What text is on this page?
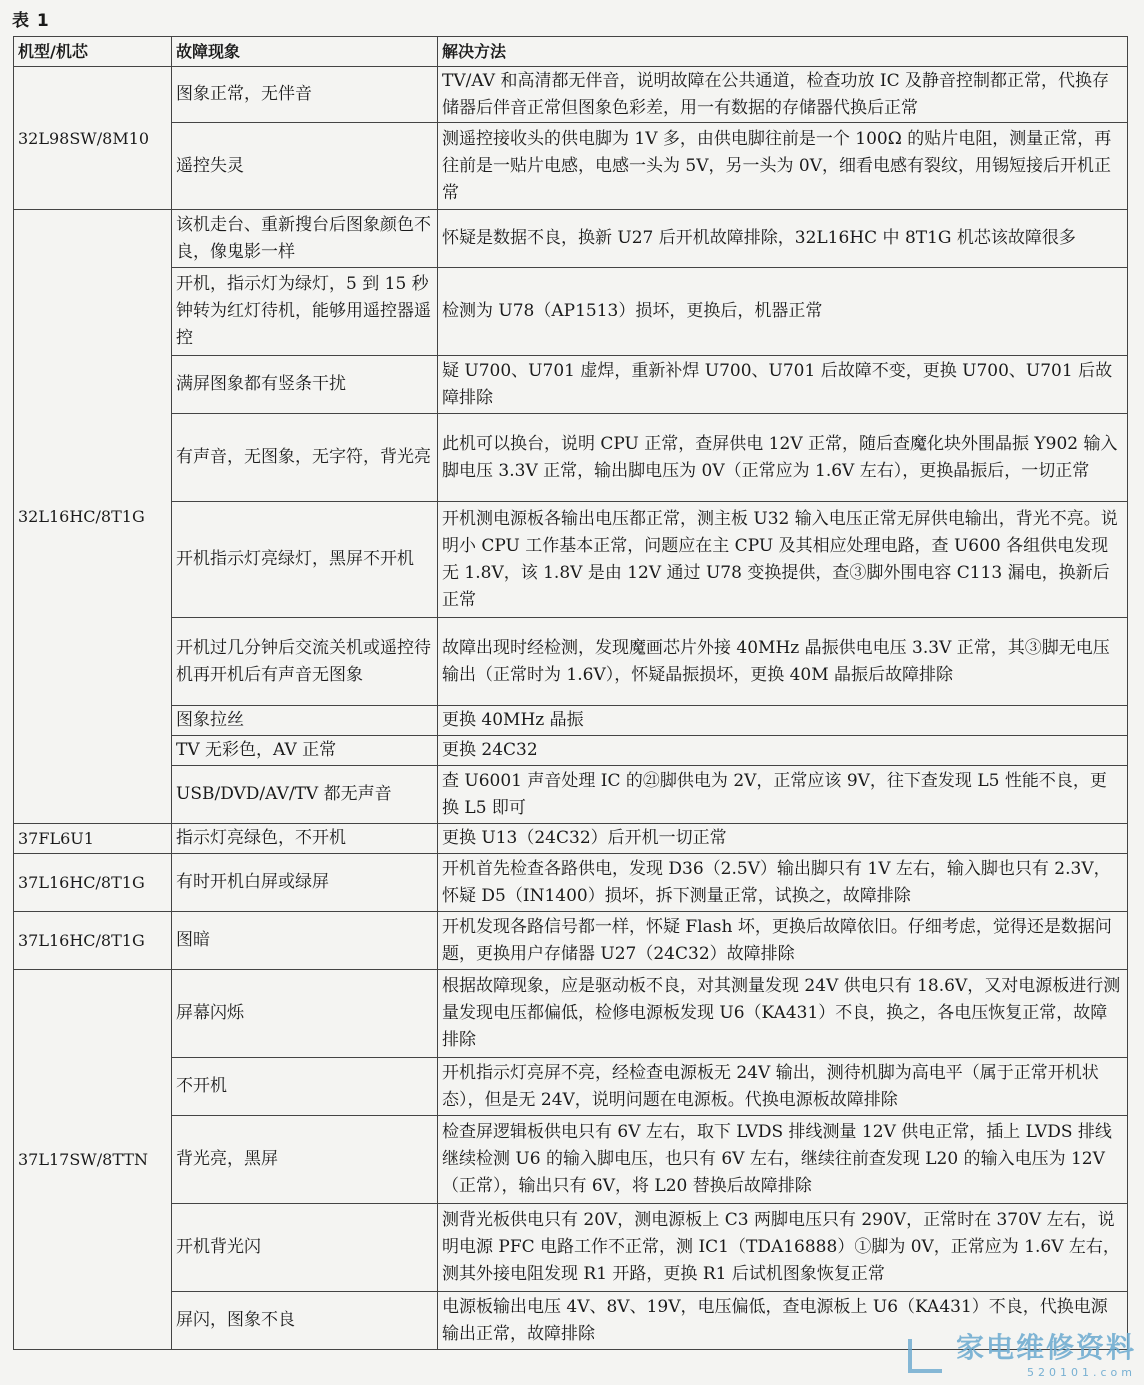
表 1
机型/机芯	故障现象	解决方法
32L98SW/8M10	图象正常，无伴音	TV/AV 和高清都无伴音，说明故障在公共通道，检查功放 IC 及静音控制都正常，代换存储器后伴音正常但图象色彩差，用一有数据的存储器代换后正常
	遥控失灵	测遥控接收头的供电脚为 1V 多，由供电脚往前是一个 100Ω 的贴片电阻，测量正常，再往前是一贴片电感，电感一头为 5V，另一头为 0V，细看电感有裂纹，用锡短接后开机正常
32L16HC/8T1G	该机走台、重新搜台后图象颜色不良，像鬼影一样	怀疑是数据不良，换新 U27 后开机故障排除，32L16HC 中 8T1G 机芯该故障很多
	开机，指示灯为绿灯，5 到 15 秒钟转为红灯待机，能够用遥控器遥控	检测为 U78（AP1513）损坏，更换后，机器正常
	满屏图象都有竖条干扰	疑 U700、U701 虚焊，重新补焊 U700、U701 后故障不变，更换 U700、U701 后故障排除
	有声音，无图象，无字符，背光亮	此机可以换台，说明 CPU 正常，查屏供电 12V 正常，随后查魔化块外围晶振 Y902 输入脚电压 3.3V 正常，输出脚电压为 0V（正常应为 1.6V 左右），更换晶振后，一切正常
	开机指示灯亮绿灯，黑屏不开机	开机测电源板各输出电压都正常，测主板 U32 输入电压正常无屏供电输出，背光不亮。说明小 CPU 工作基本正常，问题应在主 CPU 及其相应处理电路，查 U600 各组供电发现无 1.8V，该 1.8V 是由 12V 通过 U78 变换提供，查③脚外围电容 C113 漏电，换新后正常
	开机过几分钟后交流关机或遥控待机再开机后有声音无图象	故障出现时经检测，发现魔画芯片外接 40MHz 晶振供电电压 3.3V 正常，其③脚无电压输出（正常时为 1.6V），怀疑晶振损坏，更换 40M 晶振后故障排除
	图象拉丝	更换 40MHz 晶振
	TV 无彩色，AV 正常	更换 24C32
	USB/DVD/AV/TV 都无声音	查 U6001 声音处理 IC 的㉑脚供电为 2V，正常应该 9V，往下查发现 L5 性能不良，更换 L5 即可
37FL6U1	指示灯亮绿色，不开机	更换 U13（24C32）后开机一切正常
37L16HC/8T1G	有时开机白屏或绿屏	开机首先检查各路供电，发现 D36（2.5V）输出脚只有 1V 左右，输入脚也只有 2.3V，怀疑 D5（IN1400）损坏，拆下测量正常，试换之，故障排除
37L16HC/8T1G	图暗	开机发现各路信号都一样，怀疑 Flash 坏，更换后故障依旧。仔细考虑，觉得还是数据问题，更换用户存储器 U27（24C32）故障排除
37L17SW/8TTN	屏幕闪烁	根据故障现象，应是驱动板不良，对其测量发现 24V 供电只有 18.6V，又对电源板进行测量发现电压都偏低，检修电源板发现 U6（KA431）不良，换之，各电压恢复正常，故障排除
	不开机	开机指示灯亮屏不亮，经检查电源板无 24V 输出，测待机脚为高电平（属于正常开机状态），但是无 24V，说明问题在电源板。代换电源板故障排除
	背光亮，黑屏	检查屏逻辑板供电只有 6V 左右，取下 LVDS 排线测量 12V 供电正常，插上 LVDS 排线继续检测 U6 的输入脚电压，也只有 6V 左右，继续往前查发现 L20 的输入电压为 12V（正常），输出只有 6V，将 L20 替换后故障排除
	开机背光闪	测背光板供电只有 20V，测电源板上 C3 两脚电压只有 290V，正常时在 370V 左右，说明电源 PFC 电路工作不正常，测 IC1（TDA16888）①脚为 0V，正常应为 1.6V 左右，测其外接电阻发现 R1 开路，更换 R1 后试机图象恢复正常
	屏闪，图象不良	电源板输出电压 4V、8V、19V，电压偏低，查电源板上 U6（KA431）不良，代换电源输出正常，故障排除	家电维修资料
520101.com
